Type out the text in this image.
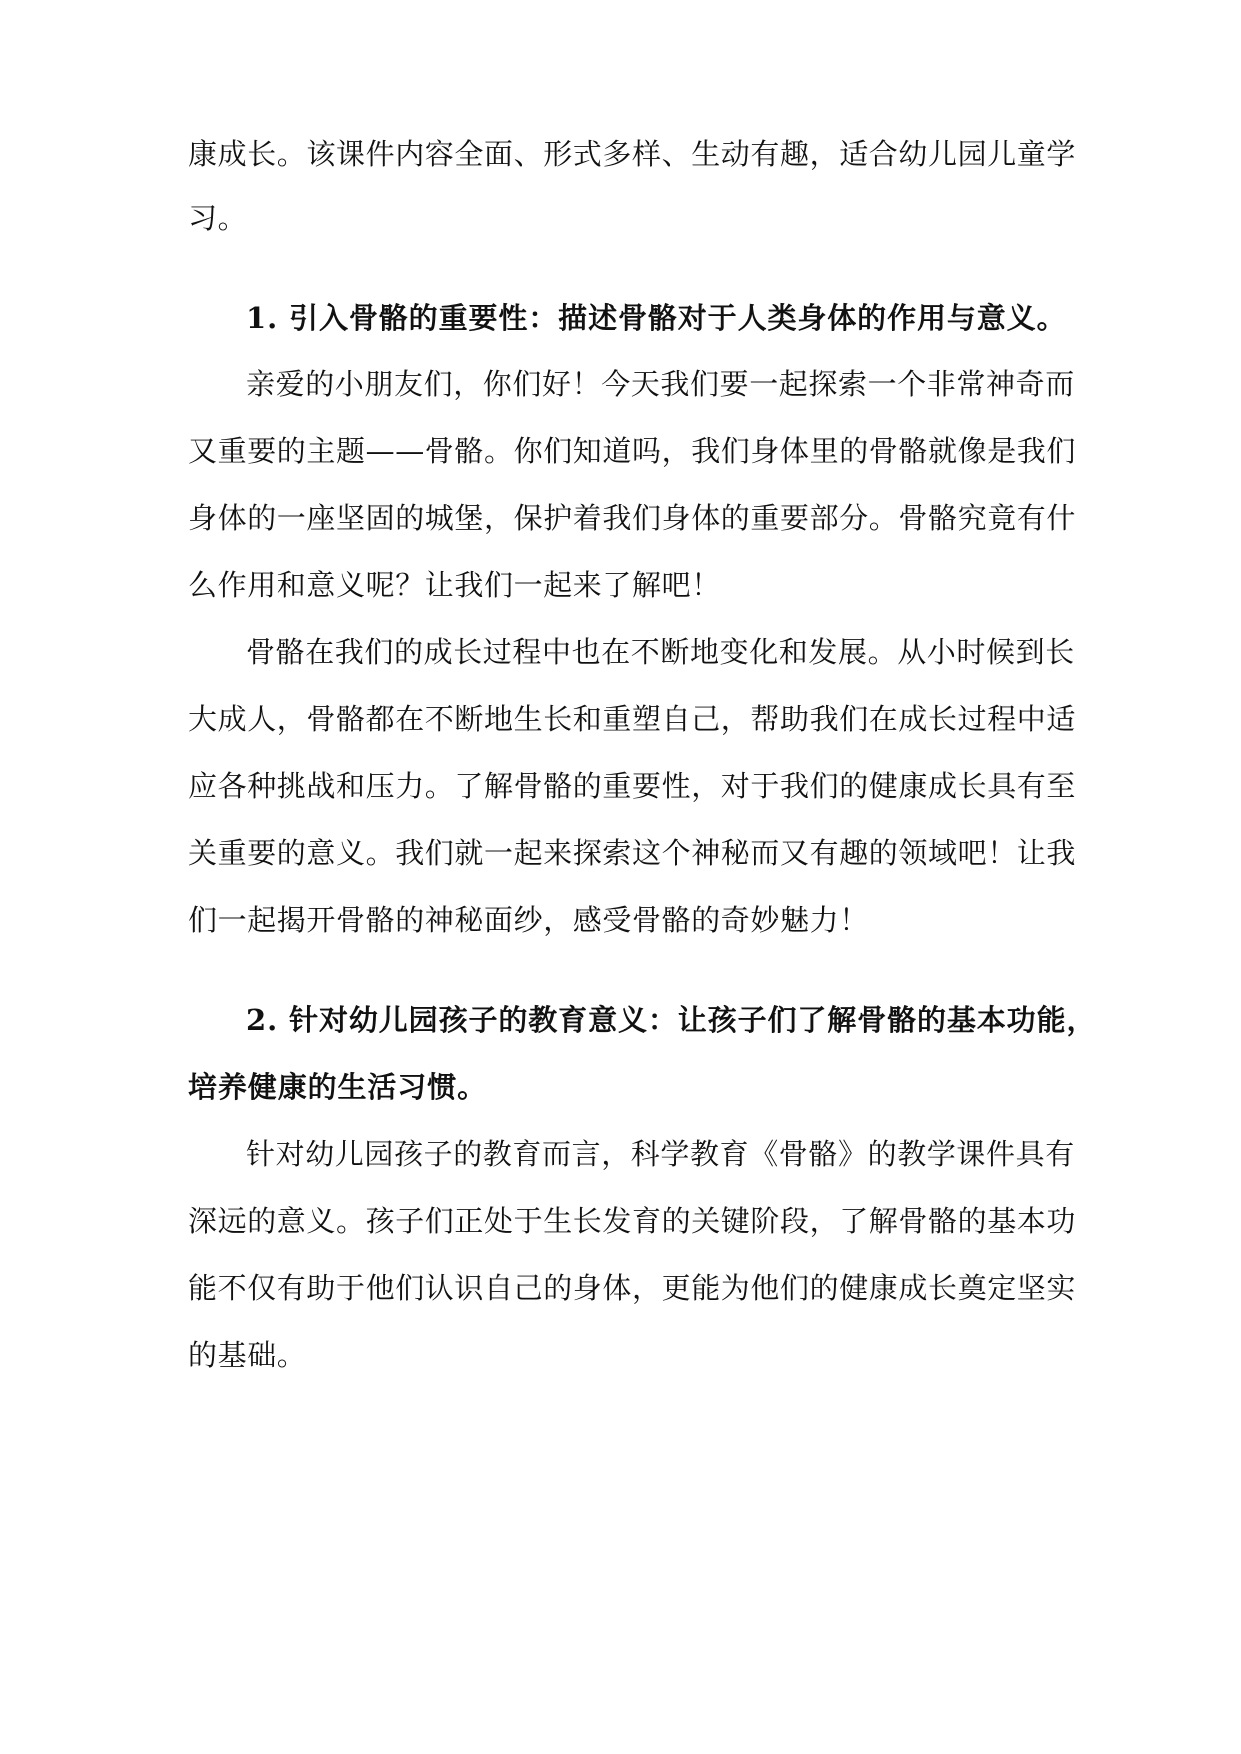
康成长。该课件内容全面、形式多样、生动有趣，适合幼儿园儿童学
习。
1. 引入骨骼的重要性：描述骨骼对于人类身体的作用与意义。
亲爱的小朋友们，你们好！今天我们要一起探索一个非常神奇而
又重要的主题——骨骼。你们知道吗，我们身体里的骨骼就像是我们
身体的一座坚固的城堡，保护着我们身体的重要部分。骨骼究竟有什
么作用和意义呢？让我们一起来了解吧！
骨骼在我们的成长过程中也在不断地变化和发展。从小时候到长
大成人，骨骼都在不断地生长和重塑自己，帮助我们在成长过程中适
应各种挑战和压力。了解骨骼的重要性，对于我们的健康成长具有至
关重要的意义。我们就一起来探索这个神秘而又有趣的领域吧！让我
们一起揭开骨骼的神秘面纱，感受骨骼的奇妙魅力！
2. 针对幼儿园孩子的教育意义：让孩子们了解骨骼的基本功能，
培养健康的生活习惯。
针对幼儿园孩子的教育而言，科学教育《骨骼》的教学课件具有
深远的意义。孩子们正处于生长发育的关键阶段，了解骨骼的基本功
能不仅有助于他们认识自己的身体，更能为他们的健康成长奠定坚实
的基础。
